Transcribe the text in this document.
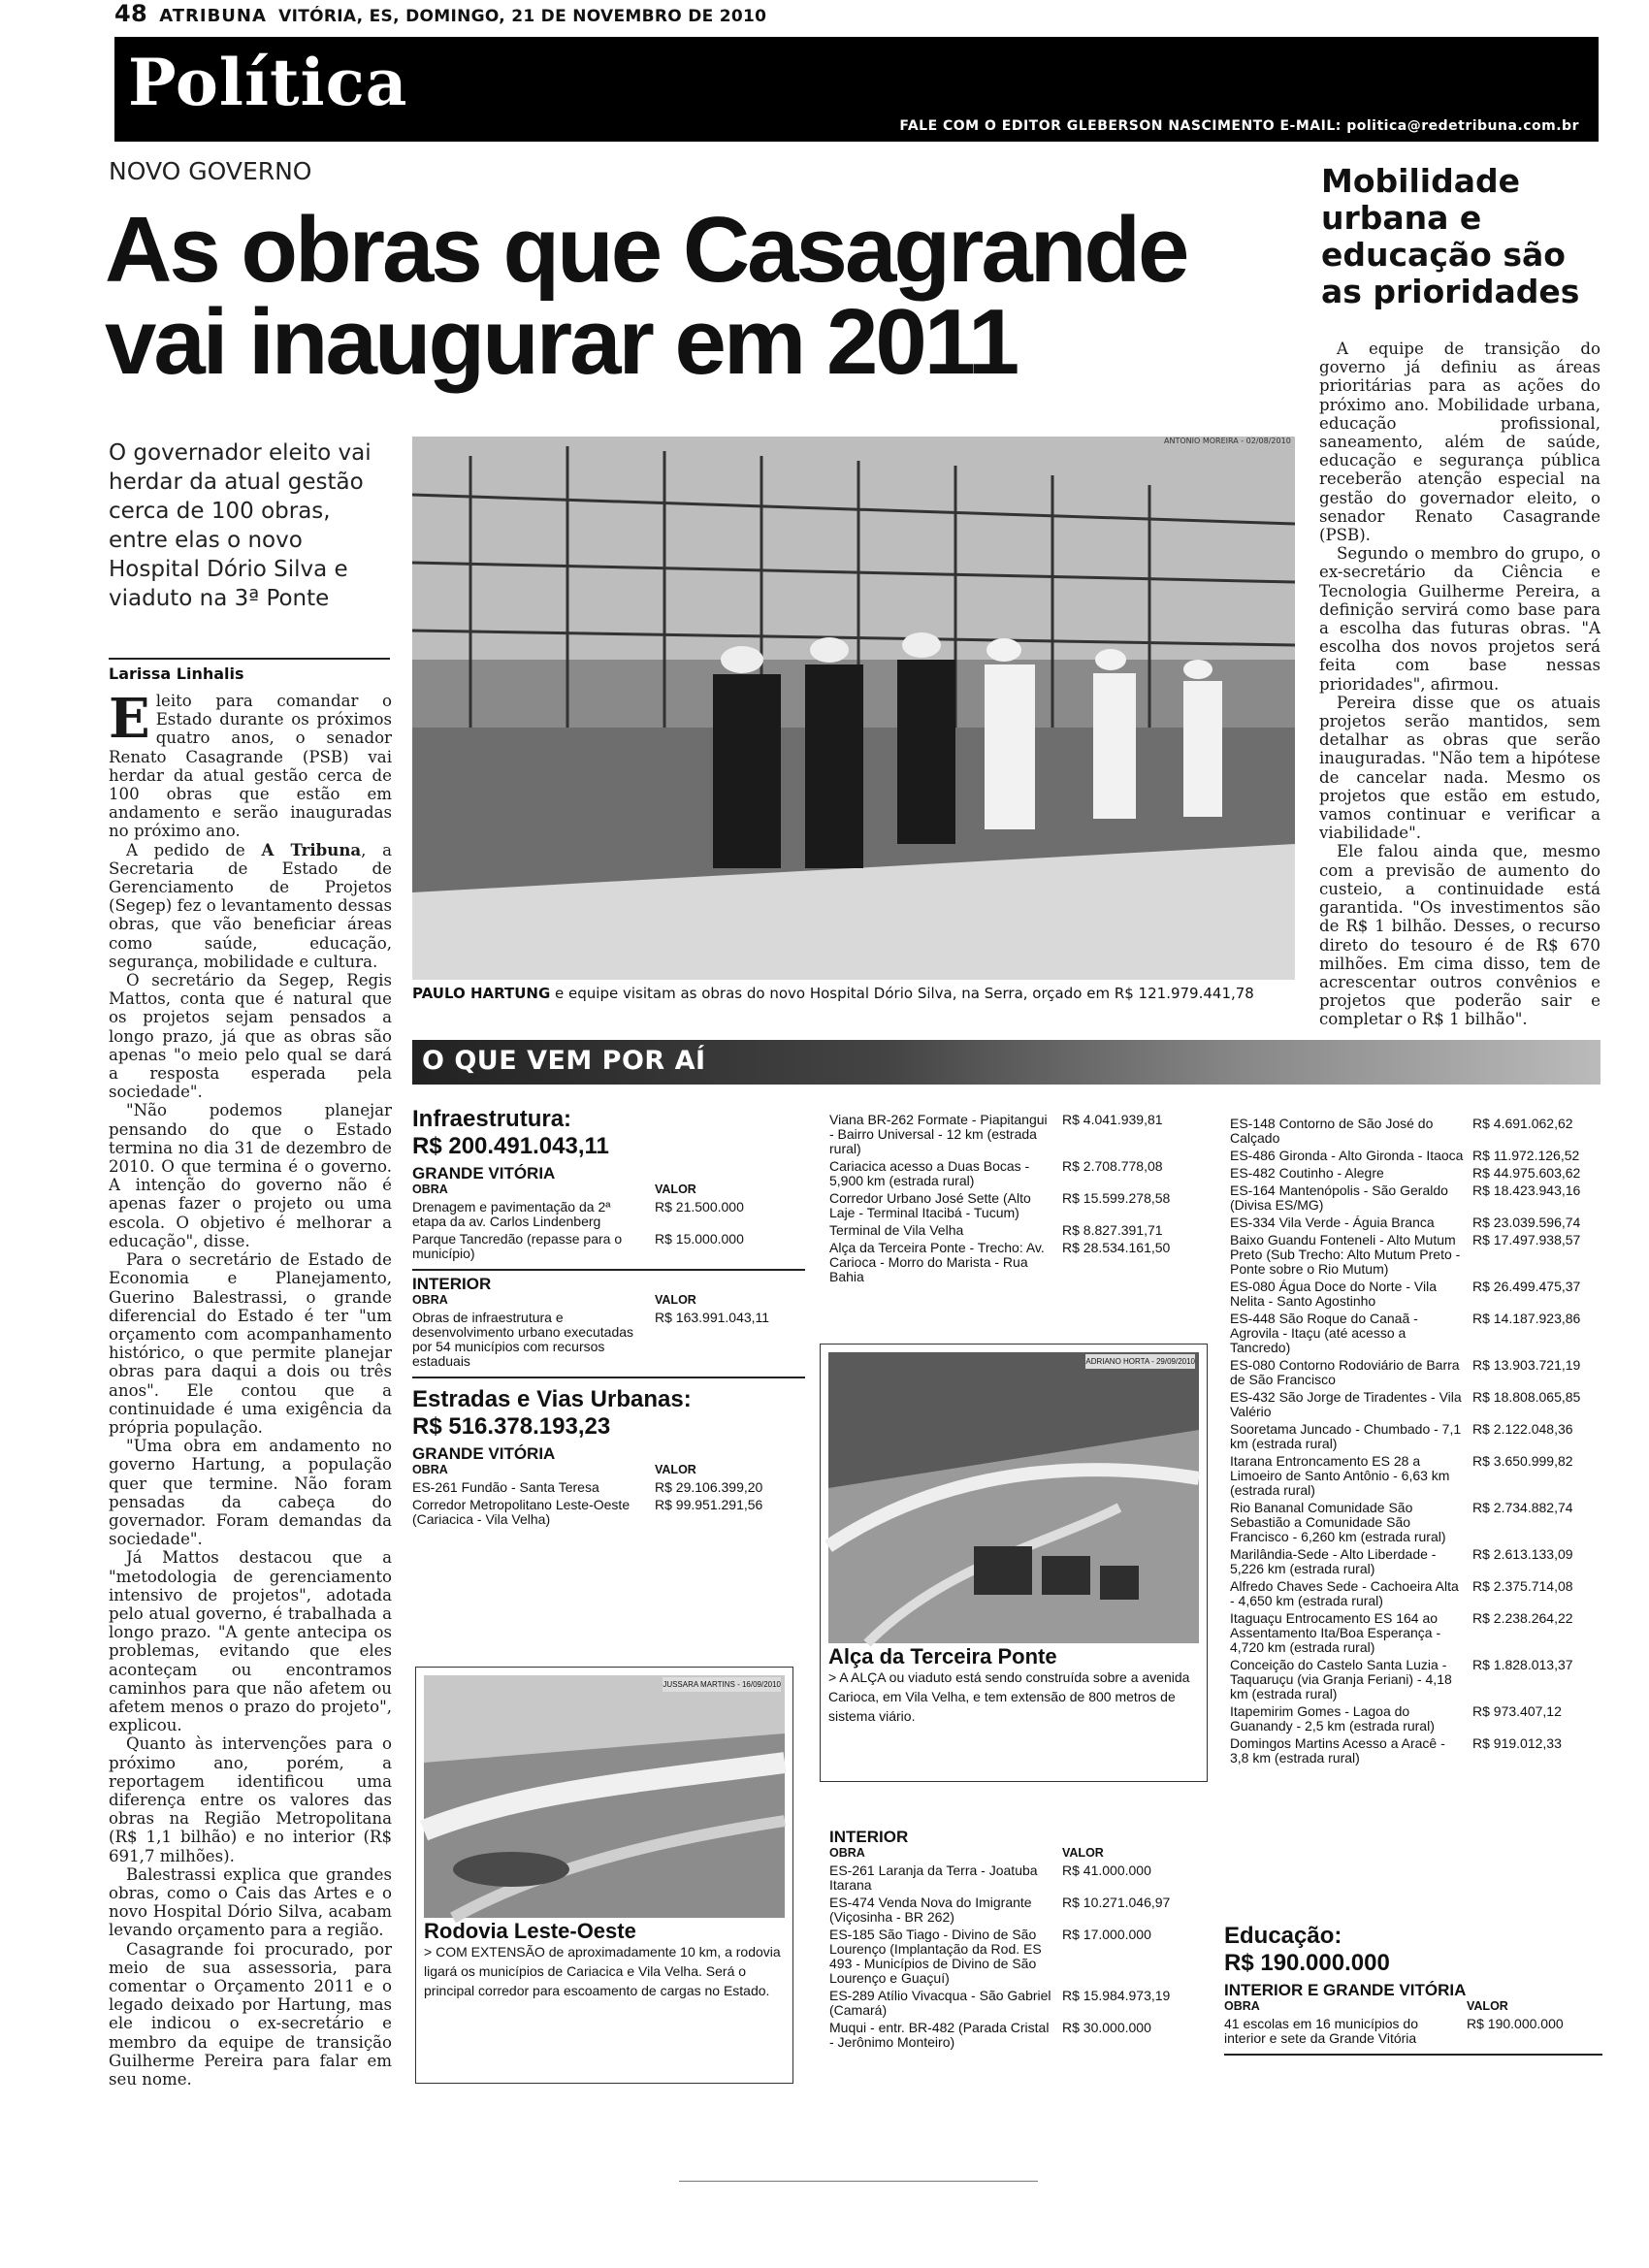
48 ATRIBUNA VITÓRIA, ES, DOMINGO, 21 DE NOVEMBRO DE 2010
Política
FALE COM O EDITOR GLEBERSON NASCIMENTO E-MAIL: politica@redetribuna.com.br
NOVO GOVERNO
As obras que Casagrande vai inaugurar em 2011
O governador eleito vai herdar da atual gestão cerca de 100 obras, entre elas o novo Hospital Dório Silva e viaduto na 3ª Ponte
Larissa Linhalis

Eleito para comandar o Estado durante os próximos quatro anos, o senador Renato Casagrande (PSB) vai herdar da atual gestão cerca de 100 obras que estão em andamento e serão inauguradas no próximo ano.

A pedido de A Tribuna, a Secretaria de Estado de Gerenciamento de Projetos (Segep) fez o levantamento dessas obras, que vão beneficiar áreas como saúde, educação, segurança, mobilidade e cultura.

O secretário da Segep, Regis Mattos, conta que é natural que os projetos sejam pensados a longo prazo, já que as obras são apenas "o meio pelo qual se dará a resposta esperada pela sociedade".

"Não podemos planejar pensando do que o Estado termina no dia 31 de dezembro de 2010. O que termina é o governo. A intenção do governo não é apenas fazer o projeto ou uma escola. O objetivo é melhorar a educação", disse.

Para o secretário de Estado de Economia e Planejamento, Guerino Balestrassi, o grande diferencial do Estado é ter "um orçamento com acompanhamento histórico, o que permite planejar obras para daqui a dois ou três anos". Ele contou que a continuidade é uma exigência da própria população.

"Uma obra em andamento no governo Hartung, a população quer que termine. Não foram pensadas da cabeça do governador. Foram demandas da sociedade".

Já Mattos destacou que a "metodologia de gerenciamento intensivo de projetos", adotada pelo atual governo, é trabalhada a longo prazo. "A gente antecipa os problemas, evitando que eles aconteçam ou encontramos caminhos para que não afetem ou afetem menos o prazo do projeto", explicou.

Quanto às intervenções para o próximo ano, porém, a reportagem identificou uma diferença entre os valores das obras na Região Metropolitana (R$ 1,1 bilhão) e no interior (R$ 691,7 milhões).

Balestrassi explica que grandes obras, como o Cais das Artes e o novo Hospital Dório Silva, acabam levando orçamento para a região.

Casagrande foi procurado, por meio de sua assessoria, para comentar o Orçamento 2011 e o legado deixado por Hartung, mas ele indicou o ex-secretário e membro da equipe de transição Guilherme Pereira para falar em seu nome.

ANTONIO MOREIRA - 02/08/2010
PAULO HARTUNG e equipe visitam as obras do novo Hospital Dório Silva, na Serra, orçado em R$ 121.979.441,78
Mobilidade urbana e educação são as prioridades

A equipe de transição do governo já definiu as áreas prioritárias para as ações do próximo ano. Mobilidade urbana, educação profissional, saneamento, além de saúde, educação e segurança pública receberão atenção especial na gestão do governador eleito, o senador Renato Casagrande (PSB).

Segundo o membro do grupo, o ex-secretário da Ciência e Tecnologia Guilherme Pereira, a definição servirá como base para a escolha das futuras obras. "A escolha dos novos projetos será feita com base nessas prioridades", afirmou.

Pereira disse que os atuais projetos serão mantidos, sem detalhar as obras que serão inauguradas. "Não tem a hipótese de cancelar nada. Mesmo os projetos que estão em estudo, vamos continuar e verificar a viabilidade".

Ele falou ainda que, mesmo com a previsão de aumento do custeio, a continuidade está garantida. "Os investimentos são de R$ 1 bilhão. Desses, o recurso direto do tesouro é de R$ 670 milhões. Em cima disso, tem de acrescentar outros convênios e projetos que poderão sair e completar o R$ 1 bilhão".

O QUE VEM POR AÍ
Infraestrutura:
R$ 200.491.043,11
GRANDE VITÓRIA
OBRA	VALOR
Drenagem e pavimentação da 2ª etapa da av. Carlos Lindenberg
R$ 21.500.000
Parque Tancredão (repasse para o município)
R$ 15.000.000
INTERIOR
OBRA	VALOR
Obras de infraestrutura e desenvolvimento urbano executadas por 54 municípios com recursos estaduais
R$ 163.991.043,11
Estradas e Vias Urbanas:
R$ 516.378.193,23
GRANDE VITÓRIA
OBRA	VALOR
ES-261 Fundão - Santa Teresa	R$ 29.106.399,20
Corredor Metropolitano Leste-Oeste (Cariacica - Vila Velha)
R$ 99.951.291,56
Viana BR-262 Formate - Piapitangui - Bairro Universal - 12 km (estrada rural)
R$ 4.041.939,81
Cariacica acesso a Duas Bocas - 5,900 km (estrada rural)
R$ 2.708.778,08
Corredor Urbano José Sette (Alto Laje - Terminal Itacibá - Tucum)
R$ 15.599.278,58
Terminal de Vila Velha	R$ 8.827.391,71
Alça da Terceira Ponte - Trecho: Av. Carioca - Morro do Marista - Rua Bahia
R$ 28.534.161,50
ADRIANO HORTA - 29/09/2010
Alça da Terceira Ponte
> A ALÇA ou viaduto está sendo construída sobre a avenida Carioca, em Vila Velha, e tem extensão de 800 metros de sistema viário.
INTERIOR
OBRA	VALOR
ES-261 Laranja da Terra - Joatuba Itarana
R$ 41.000.000
ES-474 Venda Nova do Imigrante (Viçosinha - BR 262)
R$ 10.271.046,97
ES-185 São Tiago - Divino de São Lourenço (Implantação da Rod. ES 493 - Municípios de Divino de São Lourenço e Guaçuí)
R$ 17.000.000
ES-289 Atílio Vivacqua - São Gabriel (Camará)
R$ 15.984.973,19
Muqui - entr. BR-482 (Parada Cristal - Jerônimo Monteiro)
R$ 30.000.000
ES-148 Contorno de São José do Calçado
R$ 4.691.062,62
ES-486 Gironda - Alto Gironda - Itaoca R$ 11.972.126,52
ES-482 Coutinho - Alegre	R$ 44.975.603,62
ES-164 Mantenópolis - São Geraldo (Divisa ES/MG)
R$ 18.423.943,16
ES-334 Vila Verde - Águia Branca	R$ 23.039.596,74
Baixo Guandu Fonteneli - Alto Mutum Preto (Sub Trecho: Alto Mutum Preto - Ponte sobre o Rio Mutum)
R$ 17.497.938,57
ES-080 Água Doce do Norte - Vila Nelita - Santo Agostinho
R$ 26.499.475,37
ES-448 São Roque do Canaã - Agrovila - Itaçu (até acesso a Tancredo)
R$ 14.187.923,86
ES-080 Contorno Rodoviário de Barra de São Francisco
R$ 13.903.721,19
ES-432 São Jorge de Tiradentes - Vila Valério
R$ 18.808.065,85
Sooretama Juncado - Chumbado - 7,1 km (estrada rural)
R$ 2.122.048,36
Itarana Entroncamento ES 28 a Limoeiro de Santo Antônio - 6,63 km (estrada rural)
R$ 3.650.999,82
Rio Bananal Comunidade São Sebastião a Comunidade São Francisco - 6,260 km (estrada rural)
R$ 2.734.882,74
Marilândia-Sede - Alto Liberdade - 5,226 km (estrada rural)
R$ 2.613.133,09
Alfredo Chaves Sede - Cachoeira Alta - 4,650 km (estrada rural)
R$ 2.375.714,08
Itaguaçu Entrocamento ES 164 ao Assentamento Ita/Boa Esperança - 4,720 km (estrada rural)
R$ 2.238.264,22
Conceição do Castelo Santa Luzia - Taquaruçu (via Granja Feriani) - 4,18 km (estrada rural)
R$ 1.828.013,37
Itapemirim Gomes - Lagoa do Guanandy - 2,5 km (estrada rural)
R$ 973.407,12
Domingos Martins Acesso a Aracê - 3,8 km (estrada rural)
R$ 919.012,33
Educação:
R$ 190.000.000
INTERIOR E GRANDE VITÓRIA
OBRA	VALOR
41 escolas em 16 municípios do interior e sete da Grande Vitória
R$ 190.000.000
JUSSARA MARTINS - 16/09/2010
Rodovia Leste-Oeste
> COM EXTENSÃO de aproximadamente 10 km, a rodovia ligará os municípios de Cariacica e Vila Velha. Será o principal corredor para escoamento de cargas no Estado.
